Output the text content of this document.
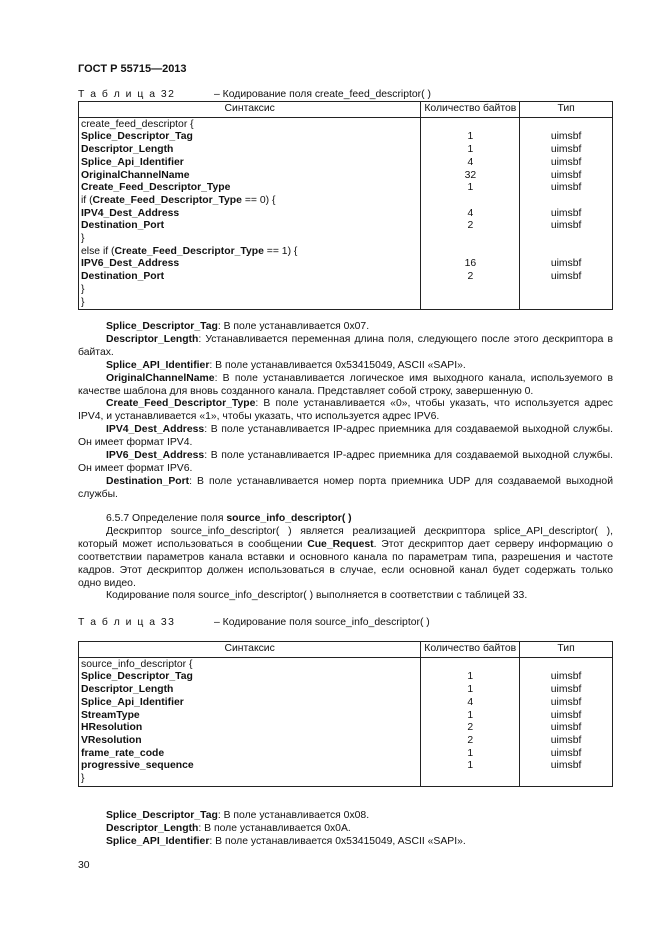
ГОСТ Р 55715—2013
Т а б л и ц а 32	– Кодирование поля create_feed_descriptor( )
Синтаксис	Количество байтов	Тип
create_feed_descriptor {		
Splice_Descriptor_Tag	1	uimsbf
Descriptor_Length	1	uimsbf
Splice_Api_Identifier	4	uimsbf
OriginalChannelName	32	uimsbf
Create_Feed_Descriptor_Type	1	uimsbf
if (Create_Feed_Descriptor_Type == 0) {		
IPV4_Dest_Address	4	uimsbf
Destination_Port	2	uimsbf
}		
else if (Create_Feed_Descriptor_Type == 1) {		
IPV6_Dest_Address	16	uimsbf
Destination_Port	2	uimsbf
}		
}		
Splice_Descriptor_Tag: В поле устанавливается 0x07.
Descriptor_Length: Устанавливается переменная длина поля, следующего после этого дескриптора в байтах.
Splice_API_Identifier: В поле устанавливается 0x53415049, ASCII «SAPI».
OriginalChannelName: В поле устанавливается логическое имя выходного канала, используемого в качестве шаблона для вновь созданного канала. Представляет собой строку, завершенную 0.
Create_Feed_Descriptor_Type: В поле устанавливается «0», чтобы указать, что используется адрес IPV4, и устанавливается «1», чтобы указать, что используется адрес IPV6.
IPV4_Dest_Address: В поле устанавливается IP-адрес приемника для создаваемой выходной службы. Он имеет формат IPV4.
IPV6_Dest_Address: В поле устанавливается IP-адрес приемника для создаваемой выходной службы. Он имеет формат IPV6.
Destination_Port: В поле устанавливается номер порта приемника UDP для создаваемой выходной службы.
6.5.7 Определение поля source_info_descriptor( )
Дескриптор source_info_descriptor( ) является реализацией дескриптора splice_API_descriptor( ), который может использоваться в сообщении Cue_Request. Этот дескриптор дает серверу информацию о соответствии параметров канала вставки и основного канала по параметрам типа, разрешения и частоте кадров. Этот дескриптор должен использоваться в случае, если основной канал будет содержать только одно видео.
Кодирование поля source_info_descriptor( ) выполняется в соответствии с таблицей 33.
Т а б л и ц а 33	– Кодирование поля source_info_descriptor( )
Синтаксис	Количество байтов	Тип
source_info_descriptor {		
Splice_Descriptor_Tag	1	uimsbf
Descriptor_Length	1	uimsbf
Splice_Api_Identifier	4	uimsbf
StreamType	1	uimsbf
HResolution	2	uimsbf
VResolution	2	uimsbf
frame_rate_code	1	uimsbf
progressive_sequence	1	uimsbf
}		
Splice_Descriptor_Tag: В поле устанавливается 0x08.
Descriptor_Length: В поле устанавливается 0x0A.
Splice_API_Identifier: В поле устанавливается 0x53415049, ASCII «SAPI».
30
